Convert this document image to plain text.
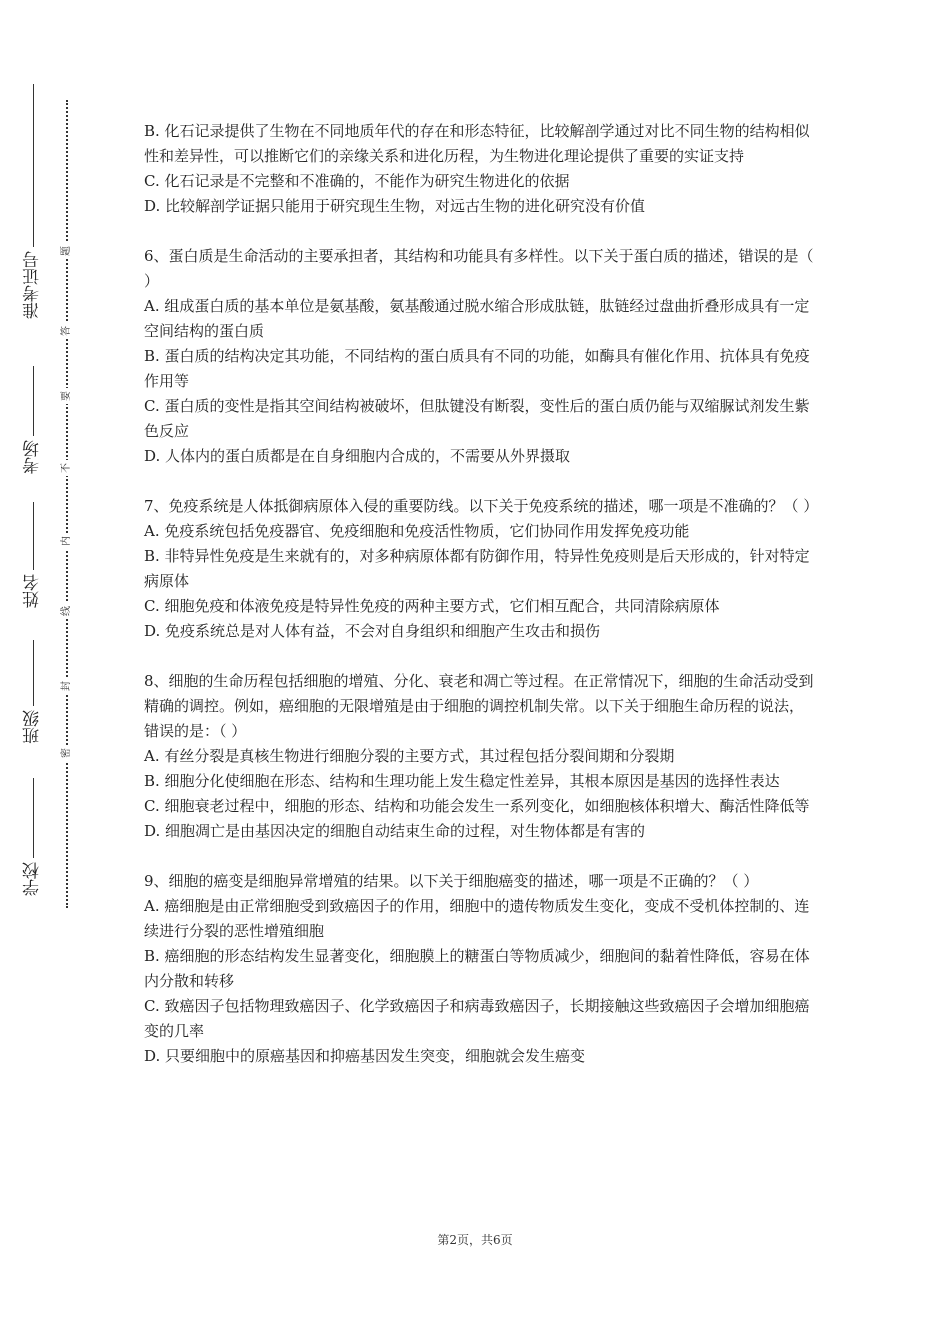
准考证号
考场
姓名
班级
学校
题
答
要
不
内
线
封
密

B. 化石记录提供了生物在不同地质年代的存在和形态特征，比较解剖学通过对比不同生物的结构相似性和差异性，可以推断它们的亲缘关系和进化历程，为生物进化理论提供了重要的实证支持

C. 化石记录是不完整和不准确的，不能作为研究生物进化的依据

D. 比较解剖学证据只能用于研究现生生物，对远古生物的进化研究没有价值

6、蛋白质是生命活动的主要承担者，其结构和功能具有多样性。以下关于蛋白质的描述，错误的是（ ）

A. 组成蛋白质的基本单位是氨基酸，氨基酸通过脱水缩合形成肽链，肽链经过盘曲折叠形成具有一定空间结构的蛋白质

B. 蛋白质的结构决定其功能，不同结构的蛋白质具有不同的功能，如酶具有催化作用、抗体具有免疫作用等

C. 蛋白质的变性是指其空间结构被破坏，但肽键没有断裂，变性后的蛋白质仍能与双缩脲试剂发生紫色反应

D. 人体内的蛋白质都是在自身细胞内合成的，不需要从外界摄取

7、免疫系统是人体抵御病原体入侵的重要防线。以下关于免疫系统的描述，哪一项是不准确的？（ ）

A. 免疫系统包括免疫器官、免疫细胞和免疫活性物质，它们协同作用发挥免疫功能

B. 非特异性免疫是生来就有的，对多种病原体都有防御作用，特异性免疫则是后天形成的，针对特定病原体

C. 细胞免疫和体液免疫是特异性免疫的两种主要方式，它们相互配合，共同清除病原体

D. 免疫系统总是对人体有益，不会对自身组织和细胞产生攻击和损伤

8、细胞的生命历程包括细胞的增殖、分化、衰老和凋亡等过程。在正常情况下，细胞的生命活动受到精确的调控。例如，癌细胞的无限增殖是由于细胞的调控机制失常。以下关于细胞生命历程的说法，错误的是：（ ）

A. 有丝分裂是真核生物进行细胞分裂的主要方式，其过程包括分裂间期和分裂期

B. 细胞分化使细胞在形态、结构和生理功能上发生稳定性差异，其根本原因是基因的选择性表达

C. 细胞衰老过程中，细胞的形态、结构和功能会发生一系列变化，如细胞核体积增大、酶活性降低等

D. 细胞凋亡是由基因决定的细胞自动结束生命的过程，对生物体都是有害的

9、细胞的癌变是细胞异常增殖的结果。以下关于细胞癌变的描述，哪一项是不正确的？（ ）

A. 癌细胞是由正常细胞受到致癌因子的作用，细胞中的遗传物质发生变化，变成不受机体控制的、连续进行分裂的恶性增殖细胞

B. 癌细胞的形态结构发生显著变化，细胞膜上的糖蛋白等物质减少，细胞间的黏着性降低，容易在体内分散和转移

C. 致癌因子包括物理致癌因子、化学致癌因子和病毒致癌因子，长期接触这些致癌因子会增加细胞癌变的几率

D. 只要细胞中的原癌基因和抑癌基因发生突变，细胞就会发生癌变

第2页，共6页
